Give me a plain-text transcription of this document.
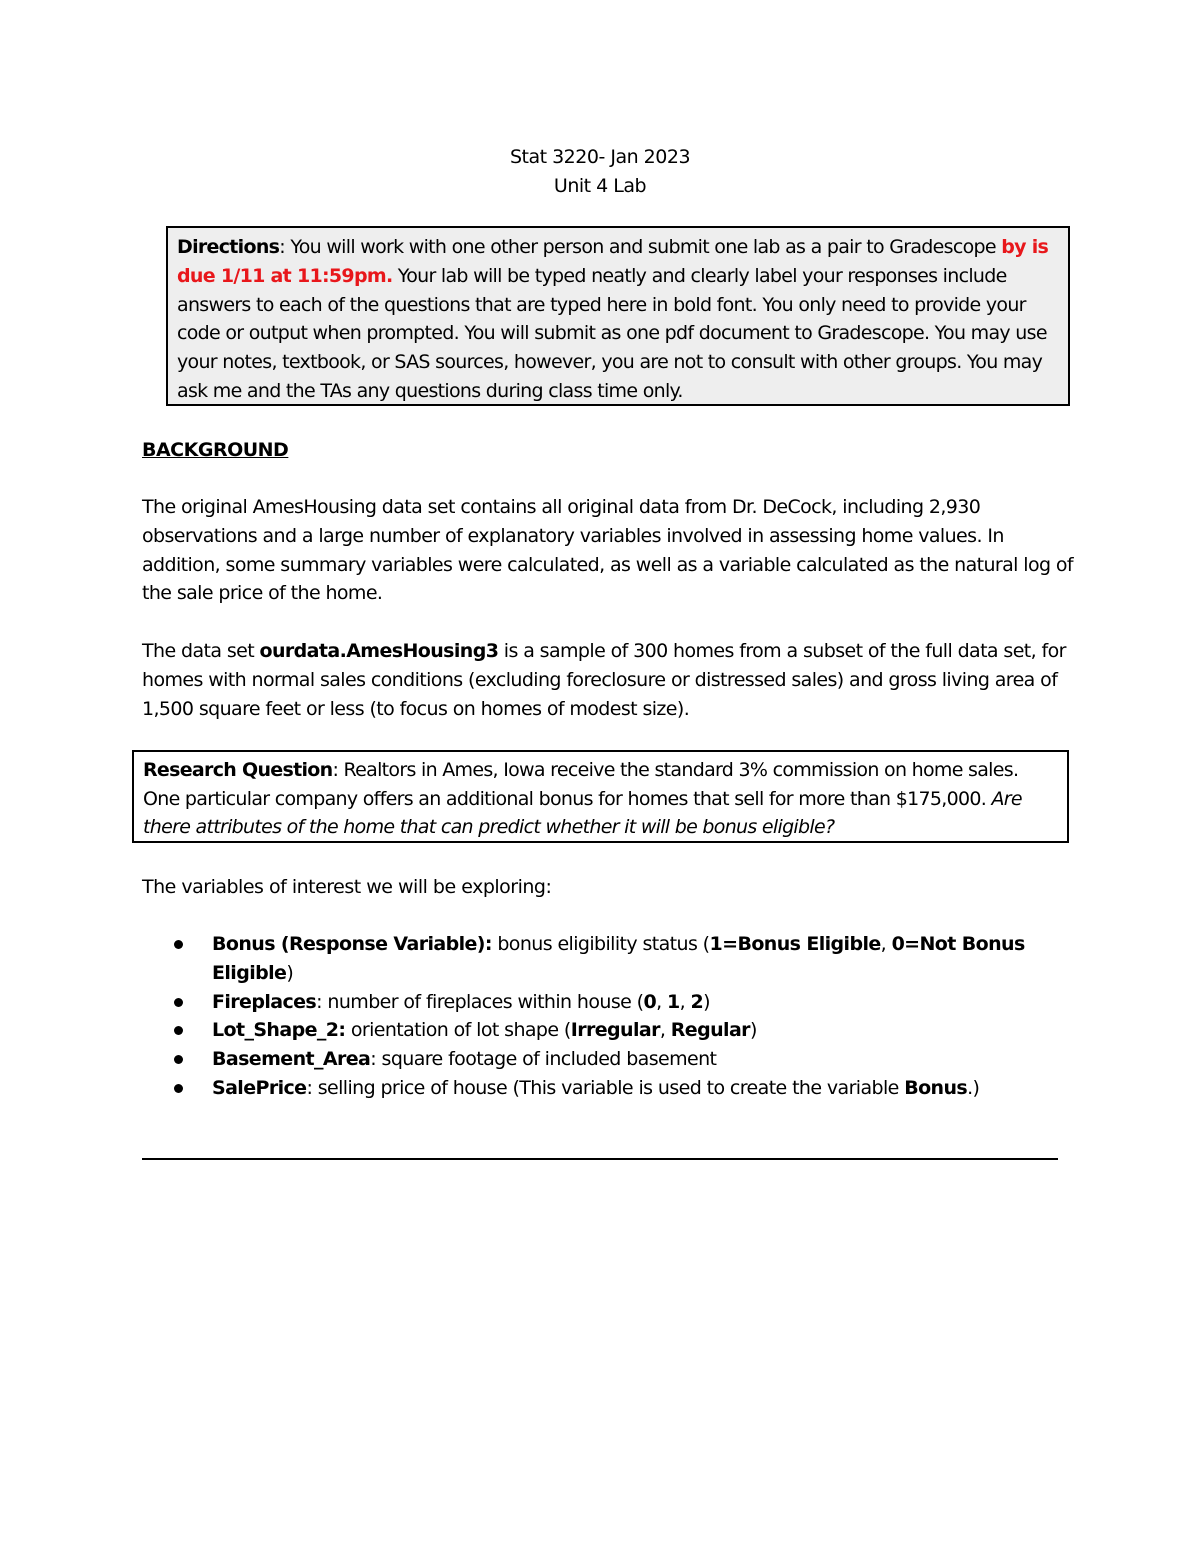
Stat 3220- Jan 2023
Unit 4 Lab
Directions: You will work with one other person and submit one lab as a pair to Gradescope by is due 1/11 at 11:59pm. Your lab will be typed neatly and clearly label your responses include answers to each of the questions that are typed here in bold font. You only need to provide your code or output when prompted. You will submit as one pdf document to Gradescope. You may use your notes, textbook, or SAS sources, however, you are not to consult with other groups. You may ask me and the TAs any questions during class time only.
BACKGROUND
The original AmesHousing data set contains all original data from Dr. DeCock, including 2,930 observations and a large number of explanatory variables involved in assessing home values. In addition, some summary variables were calculated, as well as a variable calculated as the natural log of the sale price of the home.
The data set ourdata.AmesHousing3 is a sample of 300 homes from a subset of the full data set, for homes with normal sales conditions (excluding foreclosure or distressed sales) and gross living area of 1,500 square feet or less (to focus on homes of modest size).
Research Question: Realtors in Ames, Iowa receive the standard 3% commission on home sales. One particular company offers an additional bonus for homes that sell for more than $175,000. Are there attributes of the home that can predict whether it will be bonus eligible?
The variables of interest we will be exploring:
Bonus (Response Variable): bonus eligibility status (1=Bonus Eligible, 0=Not Bonus Eligible)
Fireplaces: number of fireplaces within house (0, 1, 2)
Lot_Shape_2: orientation of lot shape (Irregular, Regular)
Basement_Area: square footage of included basement
SalePrice: selling price of house (This variable is used to create the variable Bonus.)
